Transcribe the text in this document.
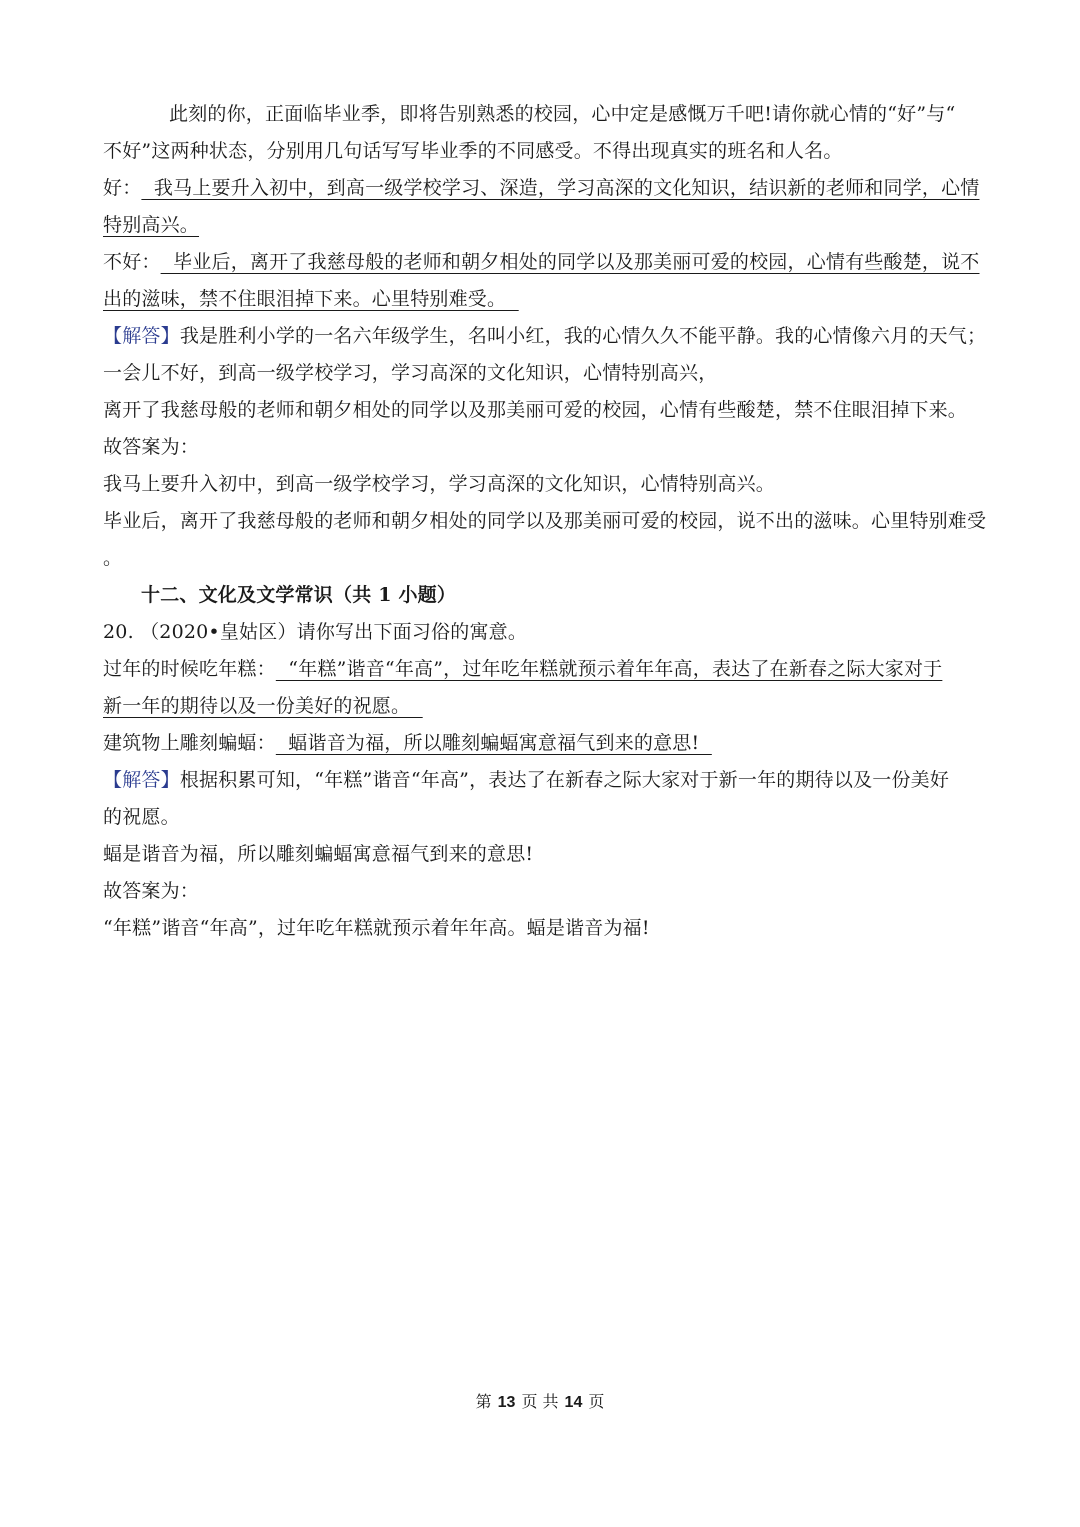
此刻的你，正面临毕业季，即将告别熟悉的校园，心中定是感慨万千吧!请你就心情的“好”与“
不好”这两种状态，分别用几句话写写毕业季的不同感受。不得出现真实的班名和人名。
好：  我马上要升入初中，到高一级学校学习、深造，学习高深的文化知识，结识新的老师和同学，心情
特别高兴。
不好：  毕业后，离开了我慈母般的老师和朝夕相处的同学以及那美丽可爱的校园，心情有些酸楚，说不
出的滋味，禁不住眼泪掉下来。心里特别难受。
【解答】我是胜利小学的一名六年级学生，名叫小红，我的心情久久不能平静。我的心情像六月的天气；
一会儿不好，到高一级学校学习，学习高深的文化知识，心情特别高兴，
离开了我慈母般的老师和朝夕相处的同学以及那美丽可爱的校园，心情有些酸楚，禁不住眼泪掉下来。
故答案为：
我马上要升入初中，到高一级学校学习，学习高深的文化知识，心情特别高兴。
毕业后，离开了我慈母般的老师和朝夕相处的同学以及那美丽可爱的校园，说不出的滋味。心里特别难受
。
十二、文化及文学常识（共 1 小题）
20. （2020•皇姑区）请你写出下面习俗的寓意。
过年的时候吃年糕：  “年糕”谐音“年高”，过年吃年糕就预示着年年高，表达了在新春之际大家对于
新一年的期待以及一份美好的祝愿。
建筑物上雕刻蝙蝠：  蝠谐音为福，所以雕刻蝙蝠寓意福气到来的意思!
【解答】根据积累可知，“年糕”谐音“年高”，表达了在新春之际大家对于新一年的期待以及一份美好
的祝愿。
蝠是谐音为福，所以雕刻蝙蝠寓意福气到来的意思!
故答案为：
“年糕”谐音“年高”，过年吃年糕就预示着年年高。蝠是谐音为福!
第 13 页 共 14 页
